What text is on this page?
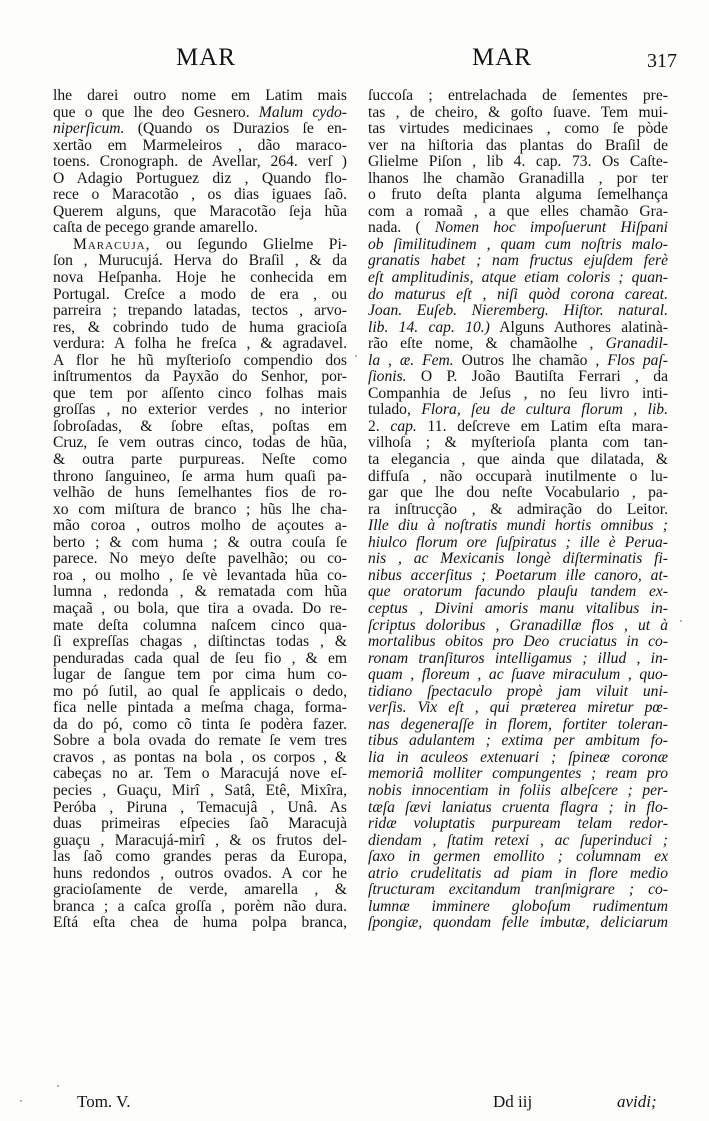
MAR	MAR	317
lhe darei outro nome em Latim mais
que o que lhe deo Gesnero. Malum cydo-
niperſicum. (Quando os Durazios ſe en-
xertão em Marmeleiros , dão maraco-
toens. Cronograph. de Avellar, 264. verſ )
O Adagio Portuguez diz , Quando flo-
rece o Maracotão , os dias iguaes ſaõ.
Querem alguns, que Maracotão ſeja hũa
caſta de pecego grande amarello.
Maracuja, ou ſegundo Glielme Pi-
ſon , Murucujá. Herva do Braſil , & da
nova Heſpanha. Hoje he conhecida em
Portugal. Creſce a modo de era , ou
parreira ; trepando latadas, tectos , arvo-
res, & cobrindo tudo de huma gracioſa
verdura: A folha he freſca , & agradavel.
A flor he hũ myſterioſo compendio dos
inſtrumentos da Payxão do Senhor, por-
que tem por aſſento cinco folhas mais
groſſas , no exterior verdes , no interior
ſobroſadas, & ſobre eſtas, poſtas em
Cruz, ſe vem outras cinco, todas de hũa,
& outra parte purpureas. Neſte como
throno ſanguineo, ſe arma hum quaſi pa-
velhão de huns ſemelhantes fios de ro-
xo com miſtura de branco ; hũs lhe cha-
mão coroa , outros molho de açoutes a-
berto ; & com huma ; & outra couſa ſe
parece. No meyo deſte pavelhão; ou co-
roa , ou molho , ſe vè levantada hũa co-
lumna , redonda , & rematada com hũa
maçaã , ou bola, que tira a ovada. Do re-
mate deſta columna naſcem cinco qua-
ſi expreſſas chagas , diſtinctas todas , &
penduradas cada qual de ſeu fio , & em
lugar de ſangue tem por cima hum co-
mo pó ſutil, ao qual ſe applicais o dedo,
fica nelle pintada a meſma chaga, forma-
da do pó, como cõ tinta ſe podèra fazer.
Sobre a bola ovada do remate ſe vem tres
cravos , as pontas na bola , os corpos , &
cabeças no ar. Tem o Maracujá nove eſ-
pecies , Guaçu, Mirî , Satâ, Etê, Mixîra,
Peróba , Piruna , Temacujâ , Unâ. As
duas primeiras eſpecies ſaõ Maracujà
guaçu , Maracujá-mirî , & os frutos del-
las ſaõ como grandes peras da Europa,
huns redondos , outros ovados. A cor he
gracioſamente de verde, amarella , &
branca ; a caſca groſſa , porèm não dura.
Eſtá eſta chea de huma polpa branca,
ſuccoſa ; entrelachada de ſementes pre-
tas , de cheiro, & goſto ſuave. Tem mui-
tas virtudes medicinaes , como ſe pòde
ver na hiſtoria das plantas do Braſil de
Glielme Piſon , lib 4. cap. 73. Os Caſte-
lhanos lhe chamão Granadilla , por ter
o fruto deſta planta alguma ſemelhança
com a romaã , a que elles chamão Gra-
nada. ( Nomen hoc impoſuerunt Hiſpani
ob ſimilitudinem , quam cum noſtris malo-
granatis habet ; nam fructus ejuſdem ferè
eſt amplitudinis, atque etiam coloris ; quan-
do maturus eſt , niſi quòd corona careat.
Joan. Euſeb. Nieremberg. Hiſtor. natural.
lib. 14. cap. 10.) Alguns Authores alatinà-
rão eſte nome, & chamãolhe , Granadil-
la , æ. Fem. Outros lhe chamão , Flos paſ-
ſionis. O P. João Bautiſta Ferrari , da
Companhia de Jeſus , no ſeu livro inti-
tulado, Flora, ſeu de cultura florum , lib.
2. cap. 11. deſcreve em Latim eſta mara-
vilhoſa ; & myſterioſa planta com tan-
ta elegancia , que ainda que dilatada, &
diffuſa , não occuparà inutilmente o lu-
gar que lhe dou neſte Vocabulario , pa-
ra inſtrucção , & admiração do Leitor.
Ille diu à noſtratis mundi hortis omnibus ;
hiulco florum ore ſuſpiratus ; ille è Perua-
nis , ac Mexicanis longè diſterminatis fi-
nibus accerſitus ; Poetarum ille canoro, at-
que oratorum facundo plauſu tandem ex-
ceptus , Divini amoris manu vitalibus in-
ſcriptus doloribus , Granadillæ flos , ut à
mortalibus obitos pro Deo cruciatus in co-
ronam tranſituros intelligamus ; illud , in-
quam , floreum , ac ſuave miraculum , quo-
tidiano ſpectaculo propè jam viluit uni-
verſis. Vix eſt , qui præterea miretur pœ-
nas degeneraſſe in florem, fortiter toleran-
tibus adulantem ; extima per ambitum fo-
lia in aculeos extenuari ; ſpineæ coronæ
memoriâ molliter compungentes ; ream pro
nobis innocentiam in foliis albeſcere ; per-
tæſa ſævi laniatus cruenta flagra ; in flo-
ridæ voluptatis purpuream telam redor-
diendam , ſtatim retexi , ac ſuperinduci ;
ſaxo in germen emollito ; columnam ex
atrio crudelitatis ad piam in flore medio
ſtructuram excitandum tranſmigrare ; co-
lumnæ imminere globoſum rudimentum
ſpongiæ, quondam felle imbutæ, deliciarum
Tom. V.	Dd iij	avidi;
